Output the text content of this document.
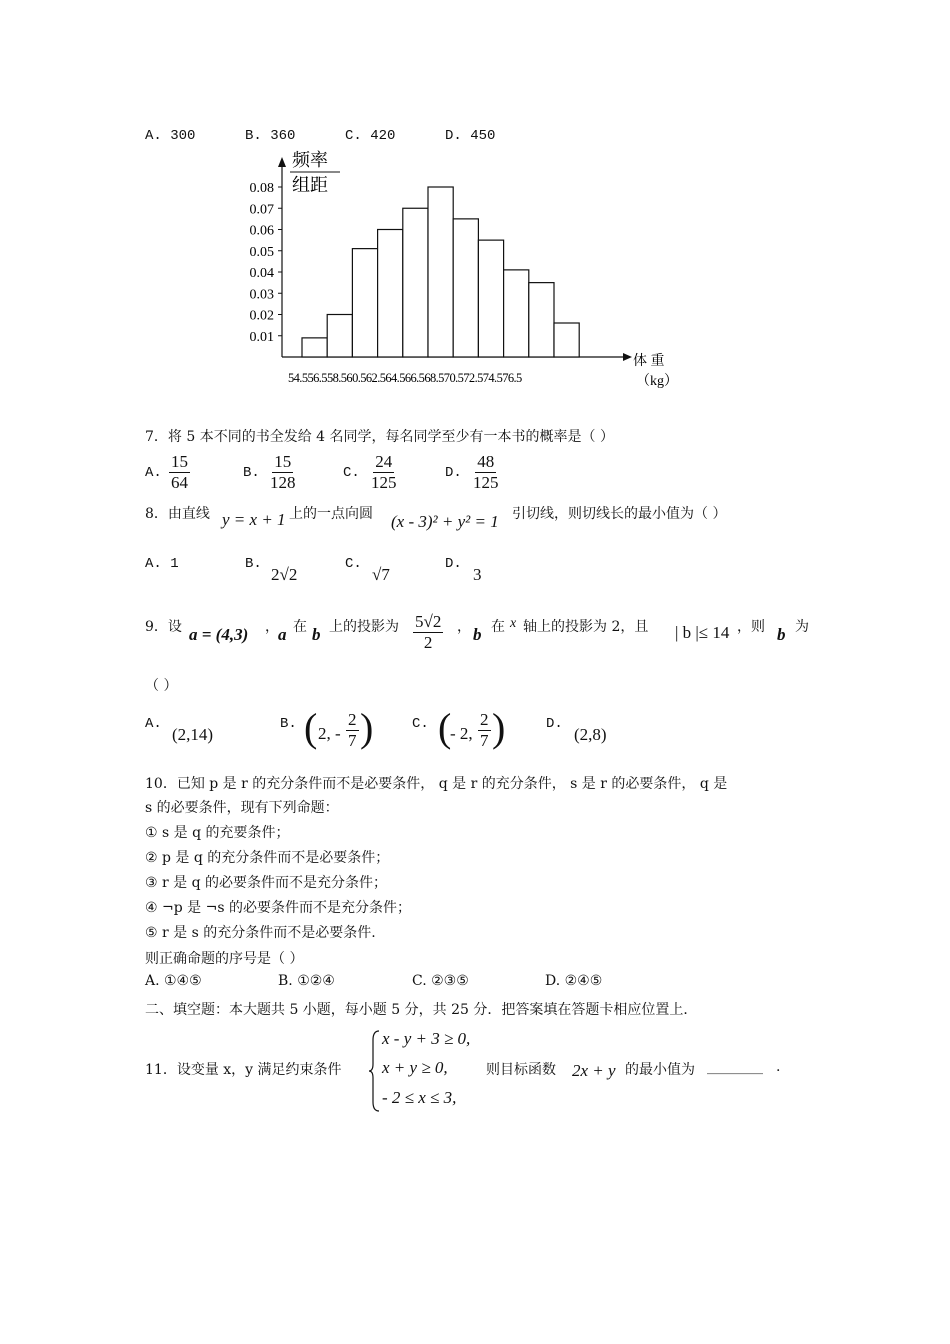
A. 300	B. 360	C. 420	D. 450
频率
组距
体 重
（kg）
54.556.558.560.562.564.566.568.570.572.574.576.5
0.01
0.02
0.03
0.04
0.05
0.06
0.07
0.08
7．将 5 本不同的书全发给 4 名同学，每名同学至少有一本书的概率是（ ）
A. $\frac{15}{64}$	B. $\frac{15}{128}$	C. $\frac{24}{125}$	D. $\frac{48}{125}$
8．由直线 y = x + 1 上的一点向圆 (x - 3)² + y² = 1 引切线，则切线长的最小值为（ ）
A. 1	B.
2√2
C.
√7
D.
3
9．设 a = (4,3) ， a 在 b 上的投影为 $\frac{5√2}{2}$ ， b 在 x 轴上的投影为 2，且 | b |≤ 14 ，则 b 为
（ ）
A.
(2,14)
B. ( 2, - $\frac{2}{7}$ )	C. (
- 2, $\frac{2}{7}$ )	D.
(2,8)
10．已知 p 是 r 的充分条件而不是必要条件， q 是 r 的充分条件， s 是 r 的必要条件， q 是
s 的必要条件，现有下列命题：
① s 是 q 的充要条件；
② p 是 q 的充分条件而不是必要条件；
③ r 是 q 的必要条件而不是充分条件；
④ ¬p 是 ¬s 的必要条件而不是充分条件；
⑤ r 是 s 的充分条件而不是必要条件.
则正确命题的序号是（ ）
A. ①④⑤	B. ①②④	C. ②③⑤	D. ②④⑤
二、填空题：本大题共 5 小题，每小题 5 分，共 25 分．把答案填在答题卡相应位置上．
11．设变量 x，y 满足约束条件
x - y + 3 ≥ 0,
x + y ≥ 0,
- 2 ≤ x ≤ 3,
则目标函数 2x + y 的最小值为 ________ .
